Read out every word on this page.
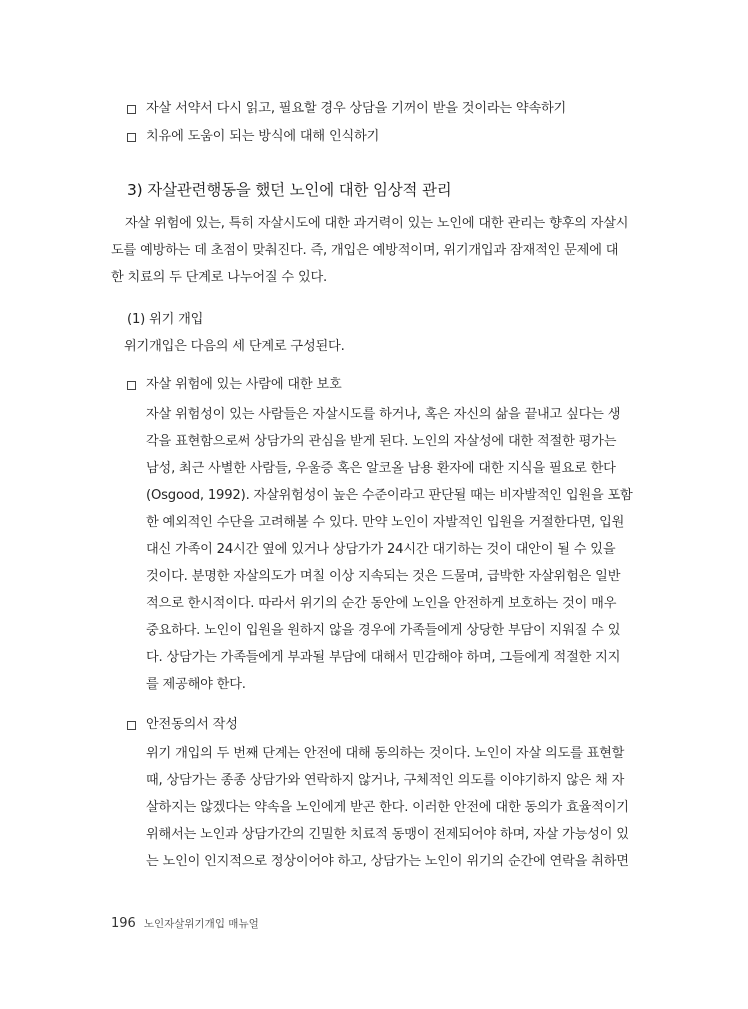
자살 서약서 다시 읽고, 필요할 경우 상담을 기꺼이 받을 것이라는 약속하기
치유에 도움이 되는 방식에 대해 인식하기
3) 자살관련행동을 했던 노인에 대한 임상적 관리
자살 위험에 있는, 특히 자살시도에 대한 과거력이 있는 노인에 대한 관리는 향후의 자살시
도를 예방하는 데 초점이 맞춰진다. 즉, 개입은 예방적이며, 위기개입과 잠재적인 문제에 대
한 치료의 두 단계로 나누어질 수 있다.
(1) 위기 개입
위기개입은 다음의 세 단계로 구성된다.
자살 위험에 있는 사람에 대한 보호
자살 위험성이 있는 사람들은 자살시도를 하거나, 혹은 자신의 삶을 끝내고 싶다는 생
각을 표현함으로써 상담가의 관심을 받게 된다. 노인의 자살성에 대한 적절한 평가는
남성, 최근 사별한 사람들, 우울증 혹은 알코올 남용 환자에 대한 지식을 필요로 한다
(Osgood, 1992). 자살위험성이 높은 수준이라고 판단될 때는 비자발적인 입원을 포함
한 예외적인 수단을 고려해볼 수 있다. 만약 노인이 자발적인 입원을 거절한다면, 입원
대신 가족이 24시간 옆에 있거나 상담가가 24시간 대기하는 것이 대안이 될 수 있을
것이다. 분명한 자살의도가 며칠 이상 지속되는 것은 드물며, 급박한 자살위험은 일반
적으로 한시적이다. 따라서 위기의 순간 동안에 노인을 안전하게 보호하는 것이 매우
중요하다. 노인이 입원을 원하지 않을 경우에 가족들에게 상당한 부담이 지워질 수 있
다. 상담가는 가족들에게 부과될 부담에 대해서 민감해야 하며, 그들에게 적절한 지지
를 제공해야 한다.
안전동의서 작성
위기 개입의 두 번째 단계는 안전에 대해 동의하는 것이다. 노인이 자살 의도를 표현할
때, 상담가는 종종 상담가와 연락하지 않거나, 구체적인 의도를 이야기하지 않은 채 자
살하지는 않겠다는 약속을 노인에게 받곤 한다. 이러한 안전에 대한 동의가 효율적이기
위해서는 노인과 상담가간의 긴밀한 치료적 동맹이 전제되어야 하며, 자살 가능성이 있
는 노인이 인지적으로 정상이어야 하고, 상담가는 노인이 위기의 순간에 연락을 취하면
196 노인자살위기개입 매뉴얼
